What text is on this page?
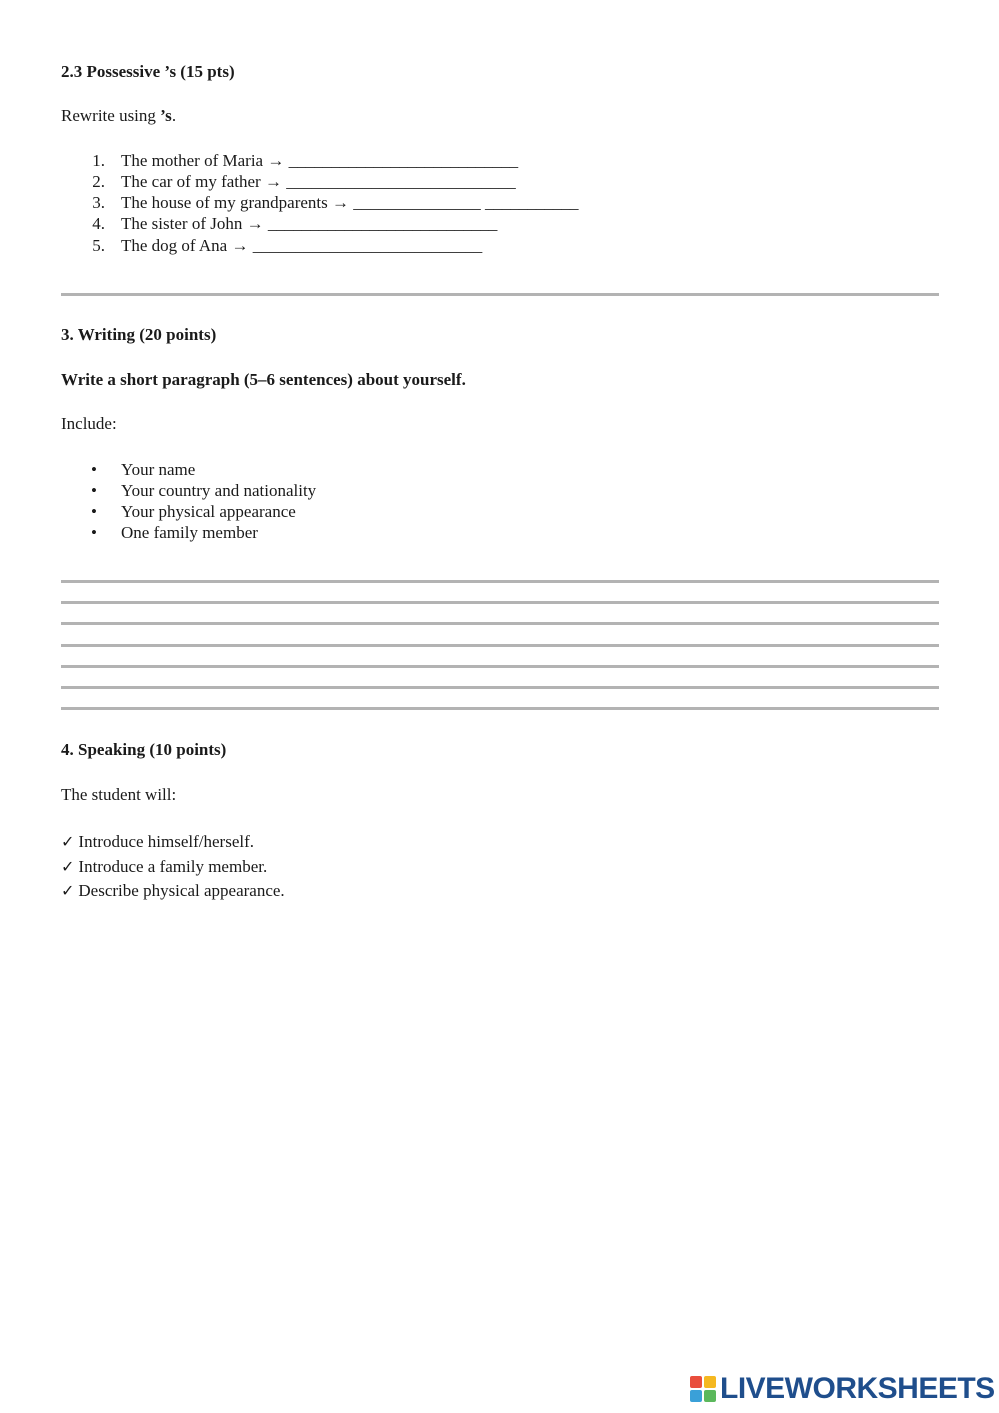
2.3 Possessive ’s (15 pts)
Rewrite using ’s.
1. The mother of Maria → ___________________________
2. The car of my father → ___________________________
3. The house of my grandparents → _______________ ___________
4. The sister of John → ___________________________
5. The dog of Ana → ___________________________
3. Writing (20 points)
Write a short paragraph (5–6 sentences) about yourself.
Include:
• Your name
• Your country and nationality
• Your physical appearance
• One family member
4. Speaking (10 points)
The student will:
✓ Introduce himself/herself.
✓ Introduce a family member.
✓ Describe physical appearance.
LIVEWORKSHEETS
